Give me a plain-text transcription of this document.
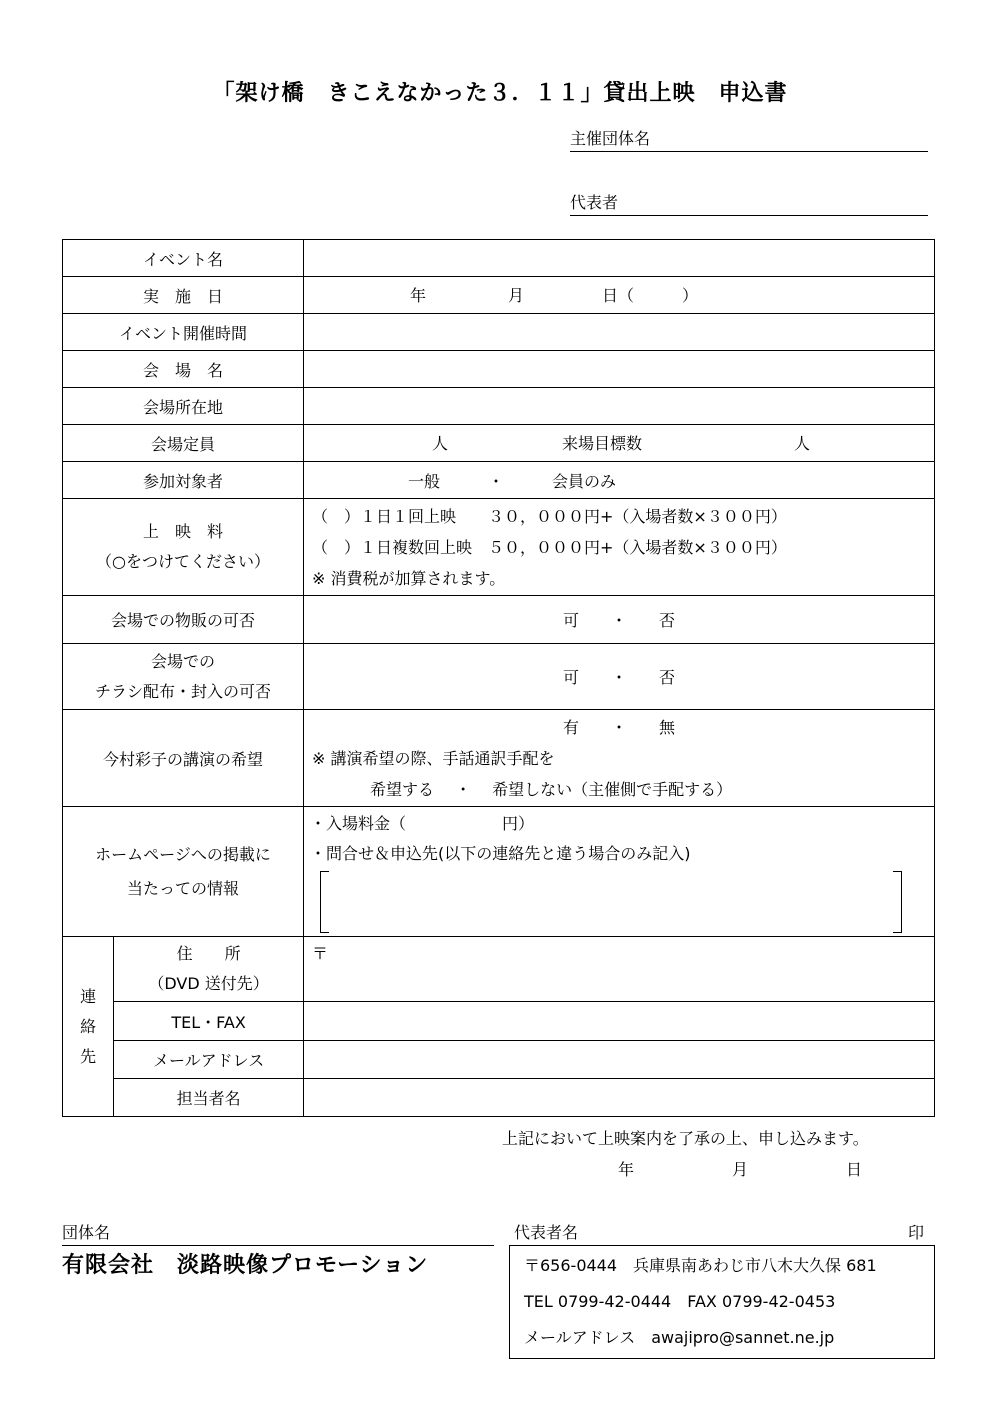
「架け橋　きこえなかった３．１１」貸出上映　申込書
主催団体名
代表者
イベント名		
実　施　日		年 月 日（　　　）

イベント開催時間		
会　場　名		
会場所在地		
会場定員		人 来場目標数 人

参加対象者		一般　　　・　　　会員のみ

上　映　料
（○をつけてください）		（　）１日１回上映　　３０，０００円+（入場者数×３００円）
（　）１日複数回上映　５０，０００円+（入場者数×３００円）
※ 消費税が加算されます。

会場での物販の可否		可　　・　　否

会場での
チラシ配布・封入の可否		可　　・　　否
今村彩子の講演の希望		有　　・　　無
※ 講演希望の際、手話通訳手配を
希望する　 ・　 希望しない（主催側で手配する）

ホームページへの掲載に
当たっての情報		・入場料金（　　　　　　円）
・問合せ＆申込先(以下の連絡先と違う場合のみ記入)

連
絡
先	住　　所
（DVD 送付先）	〒
	TEL・FAX	
	メールアドレス	
	担当者名	
上記において上映案内を了承の上、申し込みます。
年	月	日
団体名	代表者名	印
有限会社　淡路映像プロモーション	〒656-0444　兵庫県南あわじ市八木大久保 681
TEL 0799-42-0444　FAX 0799-42-0453
メールアドレス　awajipro@sannet.ne.jp
